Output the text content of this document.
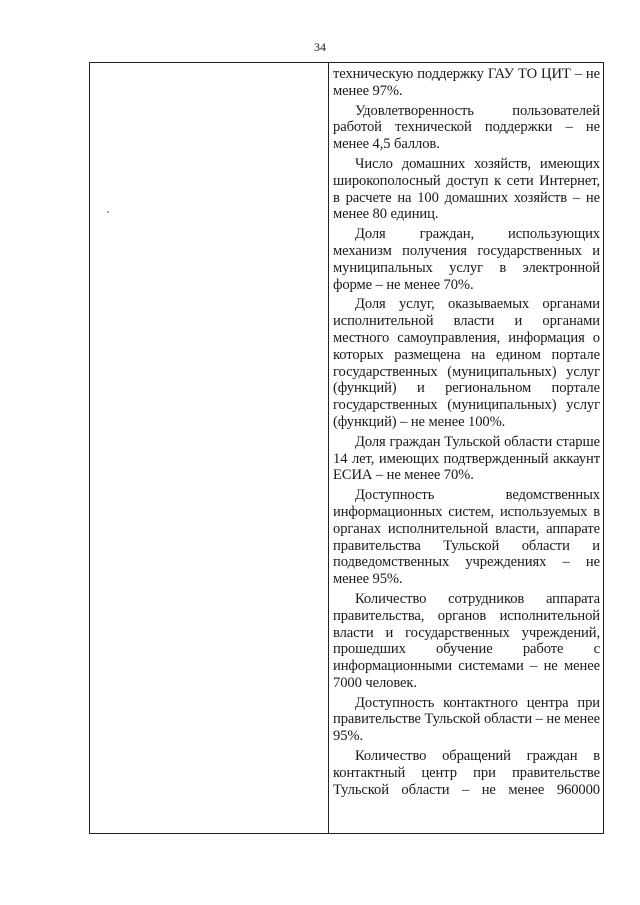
34

техническую поддержку ГАУ ТО ЦИТ – не менее 97%.

Удовлетворенность пользователей работой технической поддержки – не менее 4,5 баллов.

Число домашних хозяйств, имеющих широкополосный доступ к сети Интернет, в расчете на 100 домашних хозяйств – не менее 80 единиц.

Доля граждан, использующих механизм получения государственных и муниципальных услуг в электронной форме – не менее 70%.

Доля услуг, оказываемых органами исполнительной власти и органами местного самоуправления, информация о которых размещена на едином портале государственных (муниципальных) услуг (функций) и региональном портале государственных (муниципальных) услуг (функций) – не менее 100%.

Доля граждан Тульской области старше 14 лет, имеющих подтвержденный аккаунт ЕСИА – не менее 70%.

Доступность ведомственных информационных систем, используемых в органах исполнительной власти, аппарате правительства Тульской области и подведомственных учреждениях – не менее 95%.

Количество сотрудников аппарата правительства, органов исполнительной власти и государственных учреждений, прошедших обучение работе с информационными системами – не менее 7000 человек.

Доступность контактного центра при правительстве Тульской области – не менее 95%.

Количество обращений граждан в контактный центр при правительстве Тульской области – не менее 960000
